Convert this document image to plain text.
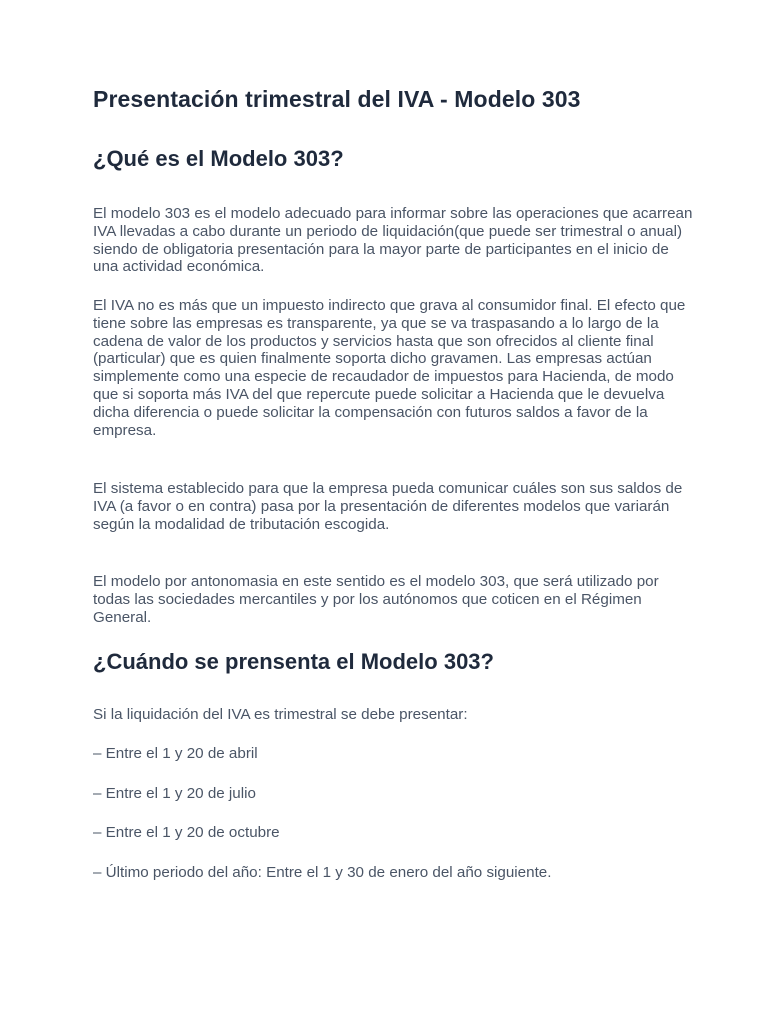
Presentación trimestral del IVA - Modelo 303
¿Qué es el Modelo 303?

El modelo 303 es el modelo adecuado para informar sobre las operaciones que acarrean IVA llevadas a cabo durante un periodo de liquidación(que puede ser trimestral o anual) siendo de obligatoria presentación para la mayor parte de participantes en el inicio de una actividad económica.

El IVA no es más que un impuesto indirecto que grava al consumidor final. El efecto que tiene sobre las empresas es transparente, ya que se va traspasando a lo largo de la cadena de valor de los productos y servicios hasta que son ofrecidos al cliente final (particular) que es quien finalmente soporta dicho gravamen. Las empresas actúan simplemente como una especie de recaudador de impuestos para Hacienda, de modo que si soporta más IVA del que repercute puede solicitar a Hacienda que le devuelva dicha diferencia o puede solicitar la compensación con futuros saldos a favor de la empresa.

El sistema establecido para que la empresa pueda comunicar cuáles son sus saldos de IVA (a favor o en contra) pasa por la presentación de diferentes modelos que variarán según la modalidad de tributación escogida.

El modelo por antonomasia en este sentido es el modelo 303, que será utilizado por todas las sociedades mercantiles y por los autónomos que coticen en el Régimen General.

¿Cuándo se prensenta el Modelo 303?

Si la liquidación del IVA es trimestral se debe presentar:

– Entre el 1 y 20 de abril

– Entre el 1 y 20 de julio

– Entre el 1 y 20 de octubre

– Último periodo del año: Entre el 1 y 30 de enero del año siguiente.
